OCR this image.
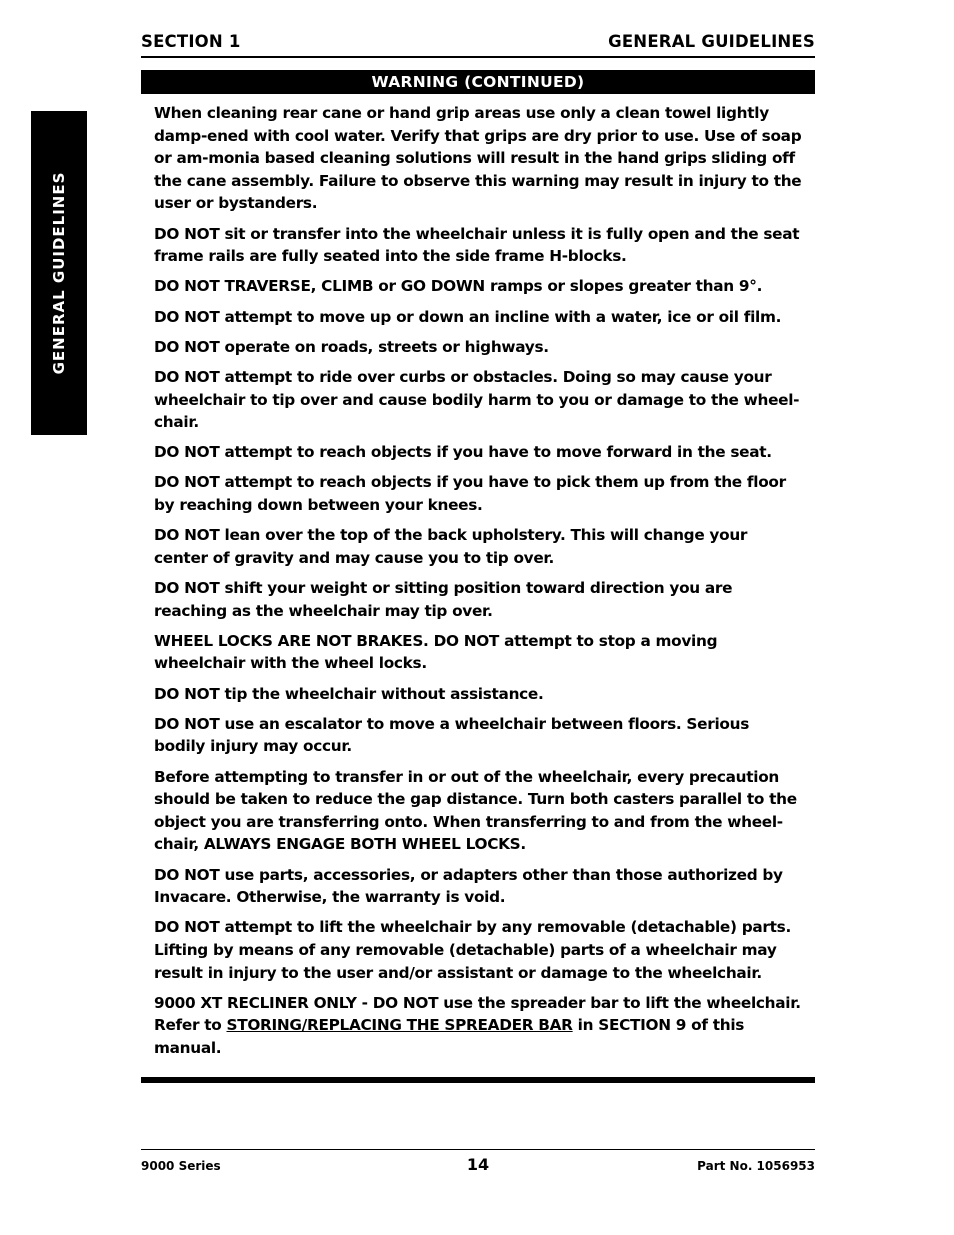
SECTION 1	GENERAL GUIDELINES
WARNING (CONTINUED)
GENERAL GUIDELINES

When cleaning rear cane or hand grip areas use only a clean towel lightly damp-ened with cool water. Verify that grips are dry prior to use. Use of soap or am-monia based cleaning solutions will result in the hand grips sliding off the cane assembly. Failure to observe this warning may result in injury to the user or bystanders.

DO NOT sit or transfer into the wheelchair unless it is fully open and the seat frame rails are fully seated into the side frame H-blocks.

DO NOT TRAVERSE, CLIMB or GO DOWN ramps or slopes greater than 9°.

DO NOT attempt to move up or down an incline with a water, ice or oil film.

DO NOT operate on roads, streets or highways.

DO NOT attempt to ride over curbs or obstacles. Doing so may cause your wheelchair to tip over and cause bodily harm to you or damage to the wheel-chair.

DO NOT attempt to reach objects if you have to move forward in the seat.

DO NOT attempt to reach objects if you have to pick them up from the floor by reaching down between your knees.

DO NOT lean over the top of the back upholstery. This will change your center of gravity and may cause you to tip over.

DO NOT shift your weight or sitting position toward direction you are reaching as the wheelchair may tip over.

WHEEL LOCKS ARE NOT BRAKES. DO NOT attempt to stop a moving wheelchair with the wheel locks.

DO NOT tip the wheelchair without assistance.

DO NOT use an escalator to move a wheelchair between floors. Serious bodily injury may occur.

Before attempting to transfer in or out of the wheelchair, every precaution should be taken to reduce the gap distance. Turn both casters parallel to the object you are transferring onto. When transferring to and from the wheel-chair, ALWAYS ENGAGE BOTH WHEEL LOCKS.

DO NOT use parts, accessories, or adapters other than those authorized by Invacare. Otherwise, the warranty is void.

DO NOT attempt to lift the wheelchair by any removable (detachable) parts. Lifting by means of any removable (detachable) parts of a wheelchair may result in injury to the user and/or assistant or damage to the wheelchair.

9000 XT RECLINER ONLY - DO NOT use the spreader bar to lift the wheelchair. Refer to STORING/REPLACING THE SPREADER BAR in SECTION 9 of this manual.

9000 Series	14	Part No. 1056953
